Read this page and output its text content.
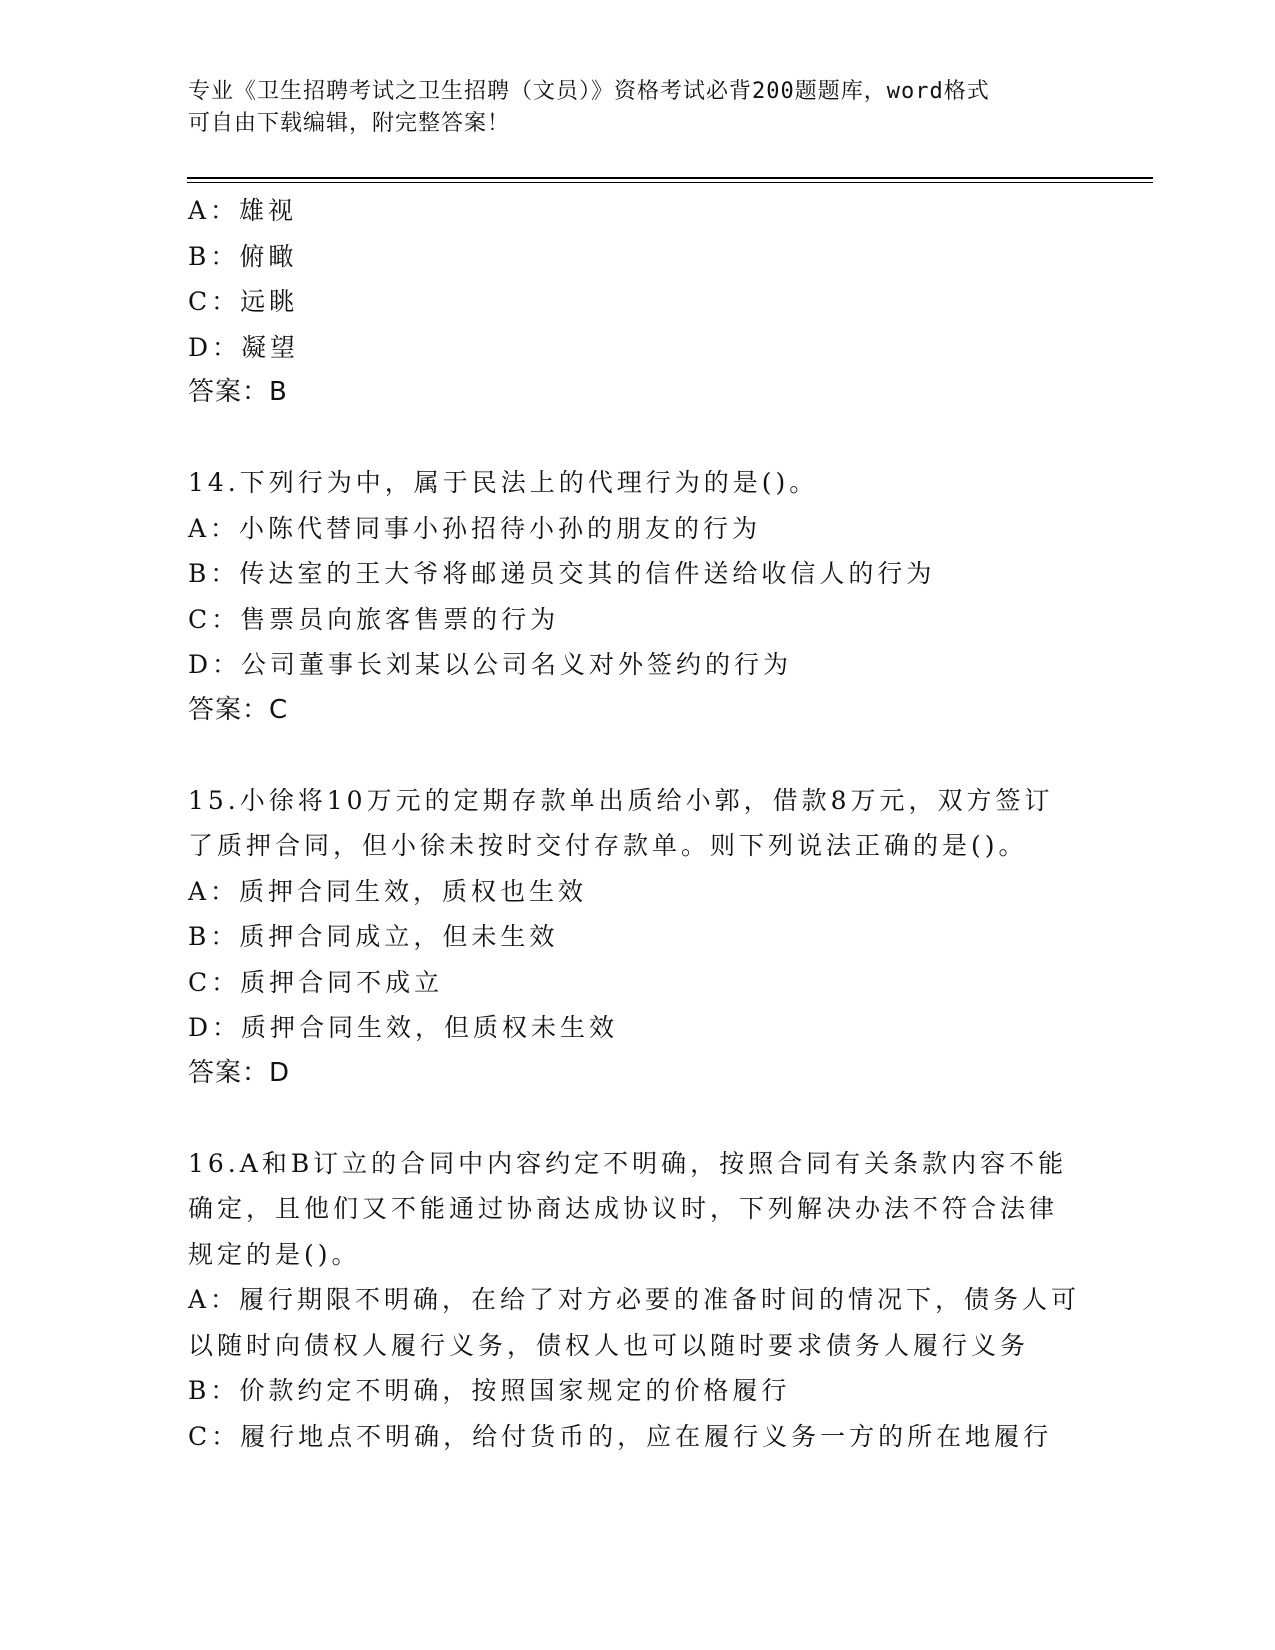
专业《卫生招聘考试之卫生招聘（文员）》资格考试必背200题题库，word格式
可自由下载编辑，附完整答案！
A：雄视
B：俯瞰
C：远眺
D：凝望
答案：B
14.下列行为中，属于民法上的代理行为的是()。
A：小陈代替同事小孙招待小孙的朋友的行为
B：传达室的王大爷将邮递员交其的信件送给收信人的行为
C：售票员向旅客售票的行为
D：公司董事长刘某以公司名义对外签约的行为
答案：C
15.小徐将10万元的定期存款单出质给小郭，借款8万元，双方签订
了质押合同，但小徐未按时交付存款单。则下列说法正确的是()。
A：质押合同生效，质权也生效
B：质押合同成立，但未生效
C：质押合同不成立
D：质押合同生效，但质权未生效
答案：D
16.A和B订立的合同中内容约定不明确，按照合同有关条款内容不能
确定，且他们又不能通过协商达成协议时，下列解决办法不符合法律
规定的是()。
A：履行期限不明确，在给了对方必要的准备时间的情况下，债务人可
以随时向债权人履行义务，债权人也可以随时要求债务人履行义务
B：价款约定不明确，按照国家规定的价格履行
C：履行地点不明确，给付货币的，应在履行义务一方的所在地履行
